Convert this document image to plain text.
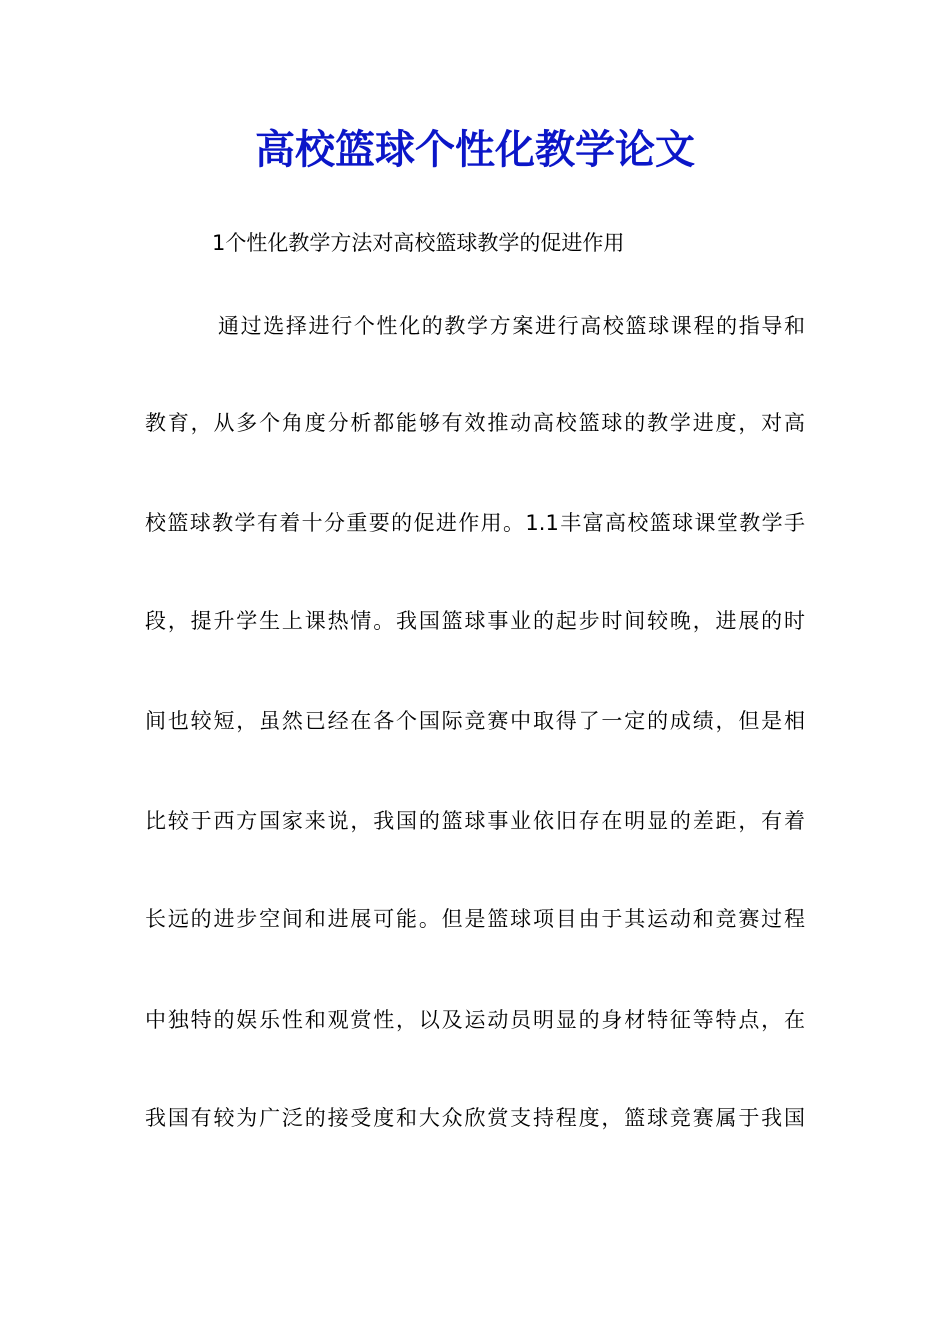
高校篮球个性化教学论文
1个性化教学方法对高校篮球教学的促进作用
通过选择进行个性化的教学方案进行高校篮球课程的指导和
教育，从多个角度分析都能够有效推动高校篮球的教学进度，对高
校篮球教学有着十分重要的促进作用。1.1丰富高校篮球课堂教学手
段，提升学生上课热情。我国篮球事业的起步时间较晚，进展的时
间也较短，虽然已经在各个国际竞赛中取得了一定的成绩，但是相
比较于西方国家来说，我国的篮球事业依旧存在明显的差距，有着
长远的进步空间和进展可能。但是篮球项目由于其运动和竞赛过程
中独特的娱乐性和观赏性，以及运动员明显的身材特征等特点，在
我国有较为广泛的接受度和大众欣赏支持程度，篮球竞赛属于我国
